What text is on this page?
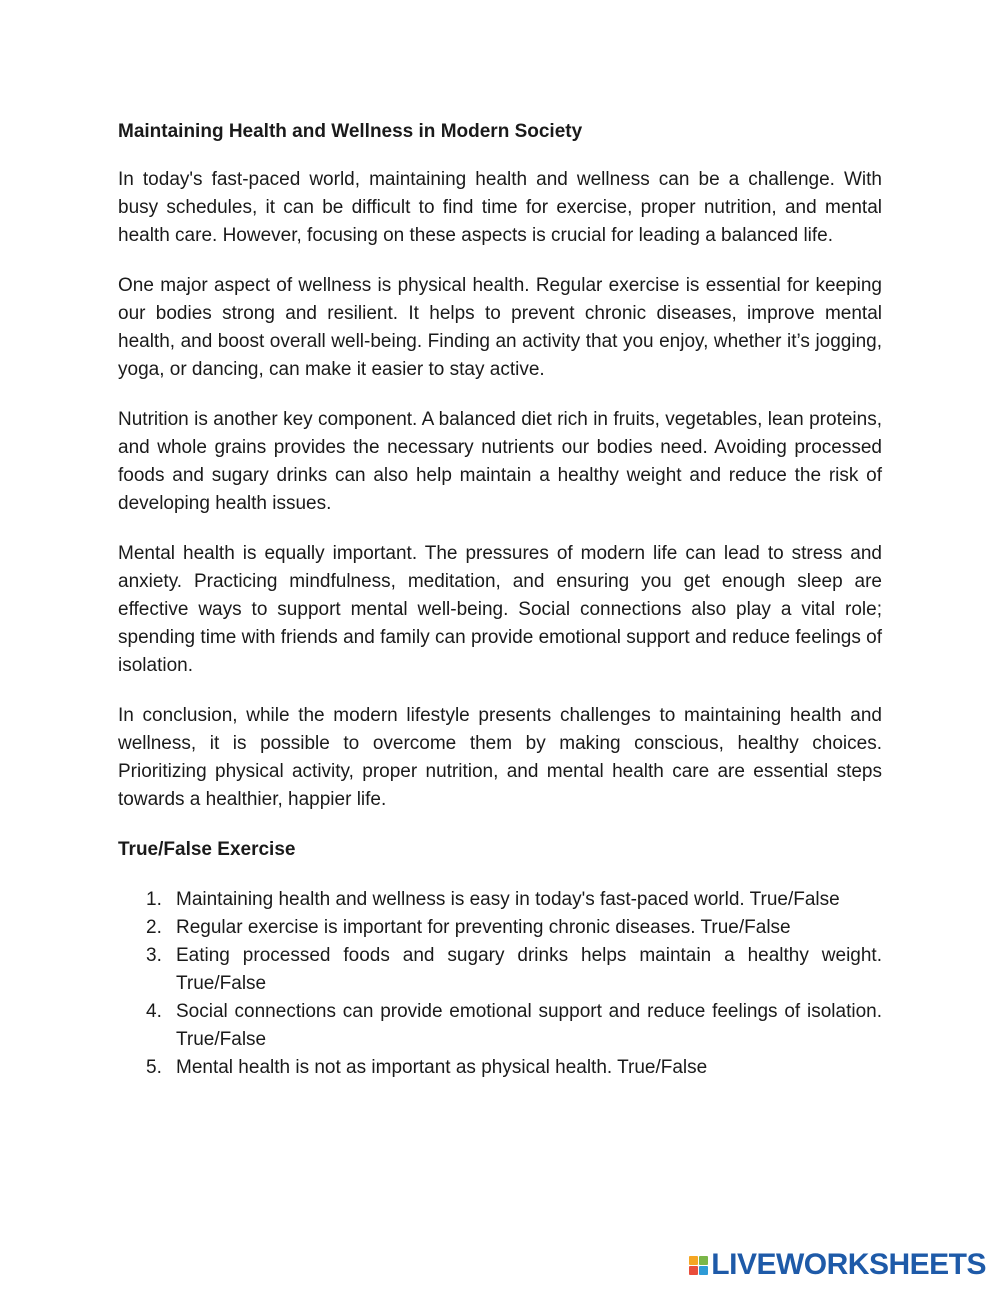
Maintaining Health and Wellness in Modern Society

In today's fast-paced world, maintaining health and wellness can be a challenge. With busy schedules, it can be difficult to find time for exercise, proper nutrition, and mental health care. However, focusing on these aspects is crucial for leading a balanced life.

One major aspect of wellness is physical health. Regular exercise is essential for keeping our bodies strong and resilient. It helps to prevent chronic diseases, improve mental health, and boost overall well-being. Finding an activity that you enjoy, whether it’s jogging, yoga, or dancing, can make it easier to stay active.

Nutrition is another key component. A balanced diet rich in fruits, vegetables, lean proteins, and whole grains provides the necessary nutrients our bodies need. Avoiding processed foods and sugary drinks can also help maintain a healthy weight and reduce the risk of developing health issues.

Mental health is equally important. The pressures of modern life can lead to stress and anxiety. Practicing mindfulness, meditation, and ensuring you get enough sleep are effective ways to support mental well-being. Social connections also play a vital role; spending time with friends and family can provide emotional support and reduce feelings of isolation.

In conclusion, while the modern lifestyle presents challenges to maintaining health and wellness, it is possible to overcome them by making conscious, healthy choices. Prioritizing physical activity, proper nutrition, and mental health care are essential steps towards a healthier, happier life.

True/False Exercise
1. Maintaining health and wellness is easy in today's fast-paced world. True/False
2. Regular exercise is important for preventing chronic diseases. True/False
3. Eating processed foods and sugary drinks helps maintain a healthy weight. True/False
4. Social connections can provide emotional support and reduce feelings of isolation. True/False
5. Mental health is not as important as physical health. True/False
LIVEWORKSHEETS
